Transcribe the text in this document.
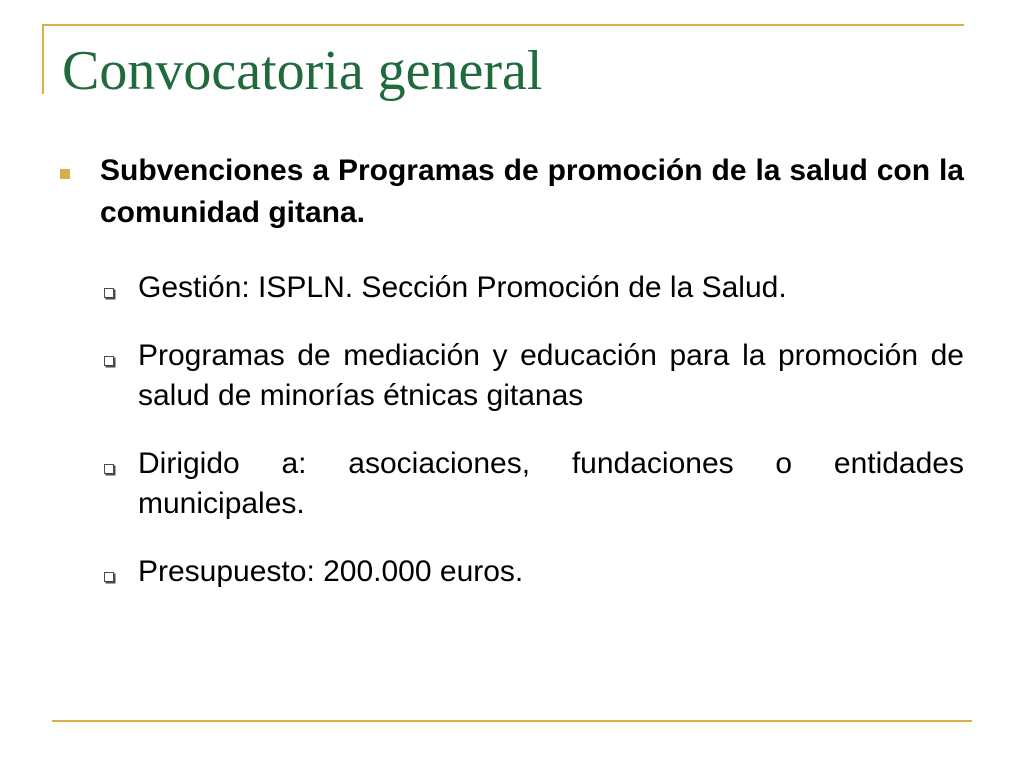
Convocatoria general

Subvenciones a Programas de promoción de la salud con la comunidad gitana.

Gestión: ISPLN. Sección Promoción de la Salud.

Programas de mediación y educación para la promoción de salud de minorías étnicas gitanas

Dirigido a: asociaciones, fundaciones o entidades municipales.

Presupuesto: 200.000 euros.
